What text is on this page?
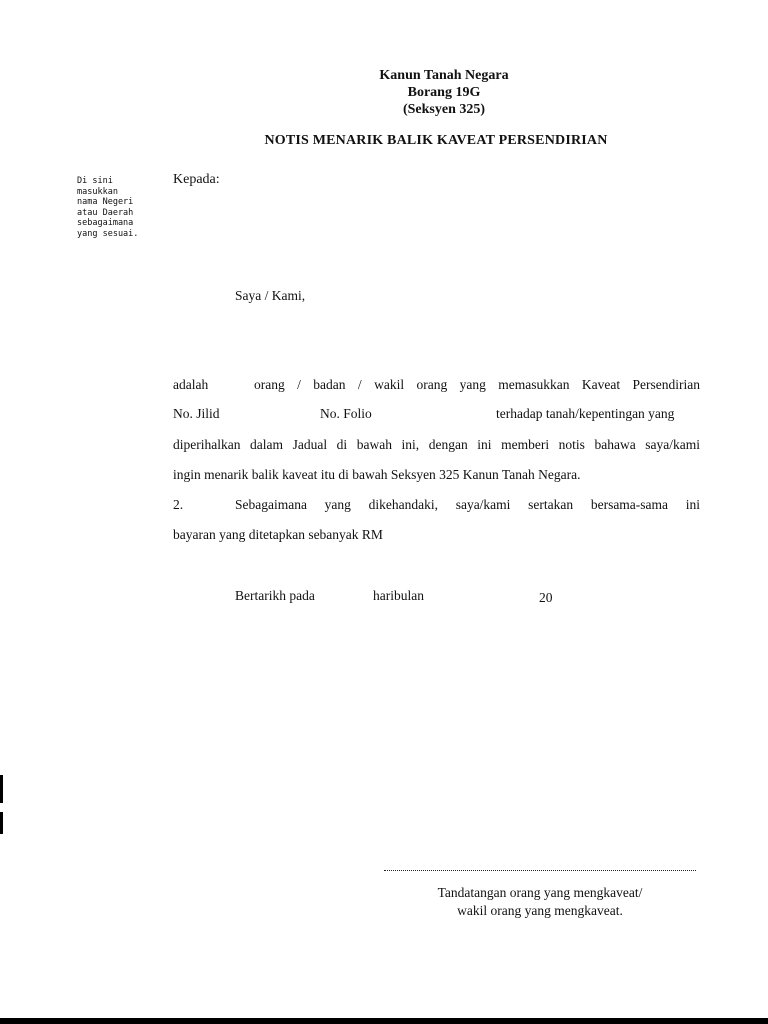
Kanun Tanah Negara
Borang 19G
(Seksyen 325)
NOTIS MENARIK BALIK KAVEAT PERSENDIRIAN
Di sini
masukkan
nama Negeri
atau Daerah
sebagaimana
yang sesuai.
Kepada:
Saya / Kami,
adalah	orang / badan / wakil orang yang memasukkan Kaveat Persendirian
No. Jilid	No. Folio	terhadap tanah/kepentingan yang
diperihalkan dalam Jadual di bawah ini, dengan ini memberi notis bahawa saya/kami
ingin menarik balik kaveat itu di bawah Seksyen 325 Kanun Tanah Negara.
2.	Sebagaimana yang dikehandaki, saya/kami sertakan bersama-sama ini
bayaran yang ditetapkan sebanyak RM
Bertarikh pada	haribulan	20
Tandatangan orang yang mengkaveat/
wakil orang yang mengkaveat.
